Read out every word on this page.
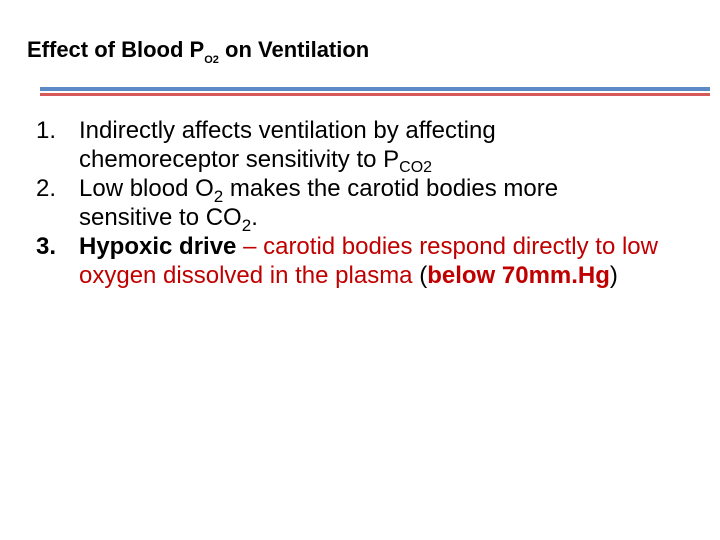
Effect of Blood $P_{O2}$ on Ventilation
1. Indirectly affects ventilation by affecting
chemoreceptor sensitivity to $P_{CO2}$
2. Low blood $O_2$ makes the carotid bodies more
sensitive to $CO_2$.
3. Hypoxic drive – carotid bodies respond directly to low oxygen dissolved in the plasma (below 70mm.Hg)
